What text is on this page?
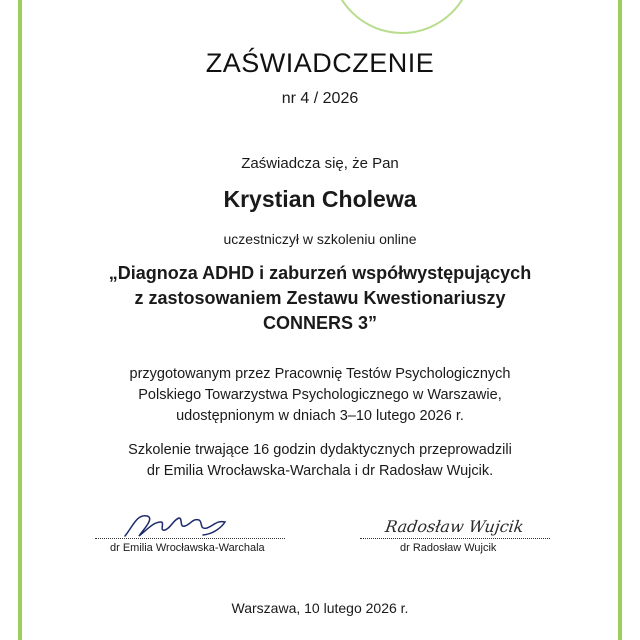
ZAŚWIADCZENIE
nr 4 / 2026
Zaświadcza się, że Pan
Krystian Cholewa
uczestniczył w szkoleniu online
„Diagnoza ADHD i zaburzeń współwystępujących
z zastosowaniem Zestawu Kwestionariuszy
CONNERS 3”
przygotowanym przez Pracownię Testów Psychologicznych
Polskiego Towarzystwa Psychologicznego w Warszawie,
udostępnionym w dniach 3–10 lutego 2026 r.
Szkolenie trwające 16 godzin dydaktycznych przeprowadzili
dr Emilia Wrocławska-Warchala i dr Radosław Wujcik.
dr Emilia Wrocławska-Warchala
Radosław Wujcik
dr Radosław Wujcik
Warszawa, 10 lutego 2026 r.
